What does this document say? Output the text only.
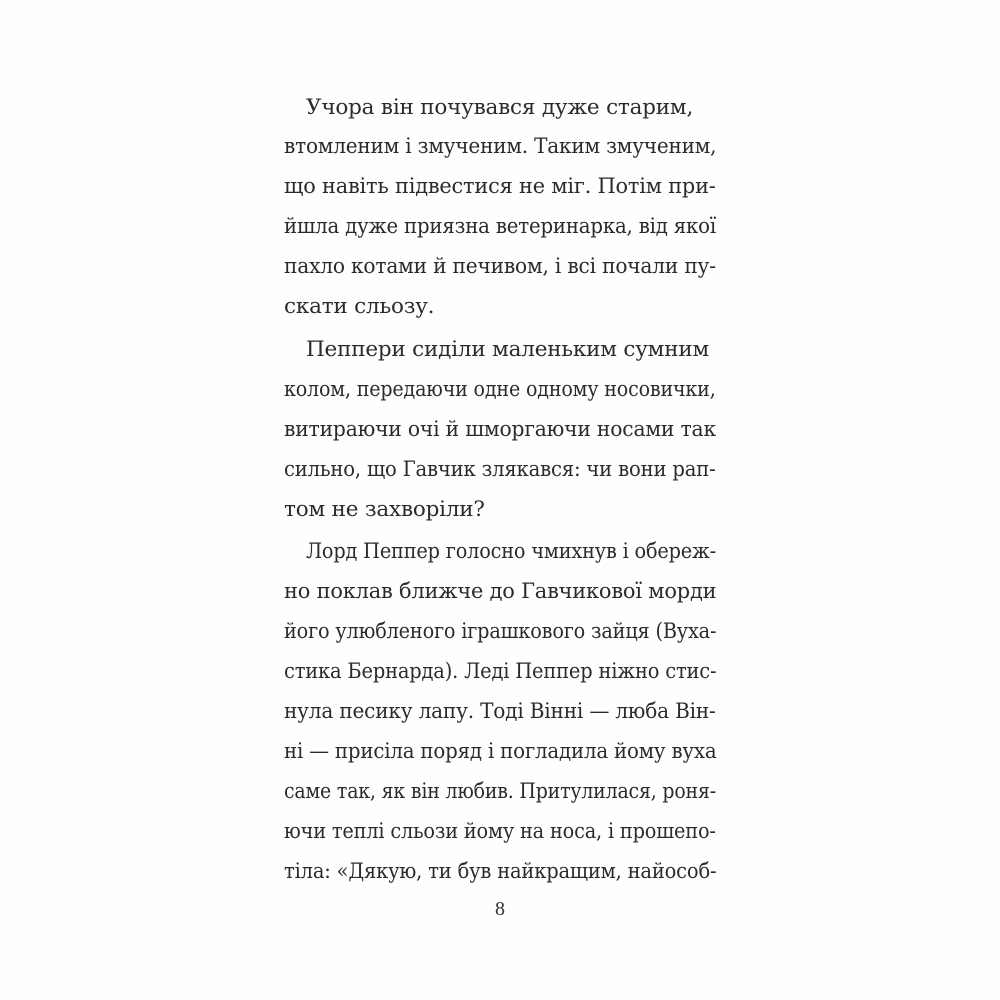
Учора він почувався дуже старим,
втомленим і змученим. Таким змученим,
що навіть підвестися не міг. Потім при-
йшла дуже приязна ветеринарка, від якої
пахло котами й печивом, і всі почали пу-
скати сльозу.
Пеппери сиділи маленьким сумним
колом, передаючи одне одному носовички,
витираючи очі й шморгаючи носами так
сильно, що Гавчик злякався: чи вони рап-
том не захворіли?
Лорд Пеппер голосно чмихнув і обереж-
но поклав ближче до Гавчикової морди
його улюбленого іграшкового зайця (Вуха-
стика Бернарда). Леді Пеппер ніжно стис-
нула песику лапу. Тоді Вінні — люба Він-
ні — присіла поряд і погладила йому вуха
саме так, як він любив. Притулилася, роня-
ючи теплі сльози йому на носа, і прошепо-
тіла: «Дякую, ти був найкращим, найособ-
8
